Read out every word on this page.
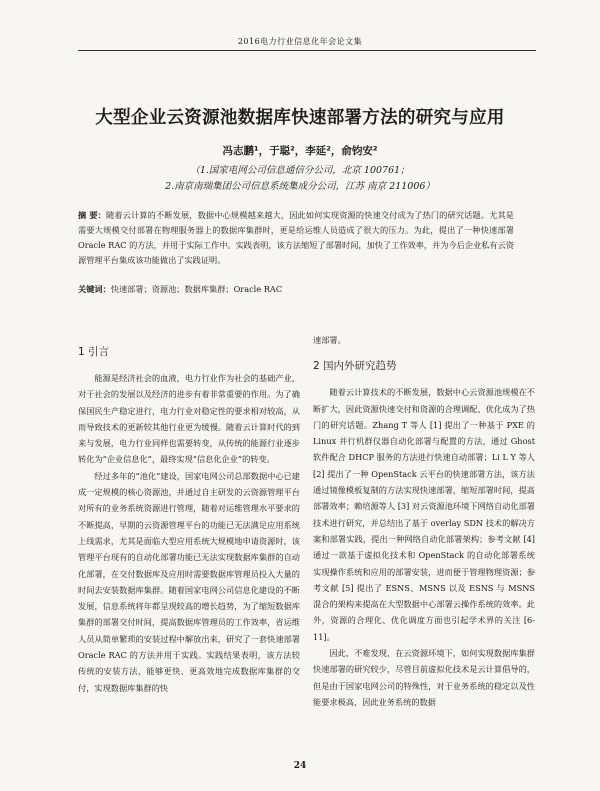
2016电力行业信息化年会论文集
大型企业云资源池数据库快速部署方法的研究与应用
冯志鹏¹，于聪²，李延²，俞钧安²
（1.国家电网公司信息通信分公司，北京 100761；
2.南京南瑞集团公司信息系统集成分公司，江苏 南京 211006）
摘 要：随着云计算的不断发展，数据中心规模越来越大，因此如何实现资源的快速交付成为了热门的研究话题。尤其是需要大规模交付部署在物理服务器上的数据库集群时，更是给运维人员造成了很大的压力。为此，提出了一种快速部署 Oracle RAC 的方法，并用于实际工作中。实践表明，该方法缩短了部署时间，加快了工作效率，并为今后企业私有云资源管理平台集成该功能做出了实践证明。
关键词：快速部署；资源池；数据库集群；Oracle RAC
1 引言

能源是经济社会的血液，电力行业作为社会的基础产业，对于社会的发展以及经济的进步有着非常重要的作用。为了确保国民生产稳定进行，电力行业对稳定性的要求相对较高，从而导致技术的更新较其他行业更为缓慢。随着云计算时代的到来与发展，电力行业同样也需要转变，从传统的能源行业逐步转化为“企业信息化”，最终实现“信息化企业”的转变。

经过多年的“池化”建设，国家电网公司总部数据中心已建成一定规模的核心资源池，并通过自主研发的云资源管理平台对所有的业务系统资源进行管理，随着对运维管理水平要求的不断提高，早期的云资源管理平台的功能已无法满足应用系统上线需求，尤其是面临大型应用系统大规模地申请资源时，该管理平台现有的自动化部署功能已无法实现数据库集群的自动化部署，在交付数据库及应用时需要数据库管理员投入大量的时间去安装数据库集群。随着国家电网公司信息化建设的不断发展，信息系统将年都呈现较高的增长趋势，为了缩短数据库集群的部署交付时间，提高数据库管理员的工作效率，省运维人员从简单繁琐的安装过程中解放出来，研究了一套快速部署 Oracle RAC 的方法并用于实践。实践结果表明，该方法较传统的安装方法，能够更快、更高效地完成数据库集群的交付，实现数据库集群的快

速部署。

2 国内外研究趋势

随着云计算技术的不断发展，数据中心云资源池规模在不断扩大，因此资源快速交付和资源的合理调配、优化成为了热门的研究话题。Zhang T 等人 [1] 提出了一种基于 PXE 的 Linux 并行机群仪器自动化部署与配置的方法，通过 Ghost 软件配合 DHCP 服务的方法进行快速自动部署；Li L Y 等人 [2] 提出了一种 OpenStack 云平台的快速部署方法，该方法通过镜像模板复制的方法实现快速部署，缩短部署时间，提高部署效率；赖培源等人 [3] 对云资源池环境下网络自动化部署技术进行研究，并总结出了基于 overlay SDN 技术的解决方案和部署实践，提出一种网络自动化部署架构；参考文献 [4] 通过一款基于虚拟化技术和 OpenStack 的自动化部署系统实现操作系统和应用的部署安装，进而便于管理物理资源；参考文献 [5] 提出了 ESNS、MSNS 以及 ESNS 与 MSNS 混合的架构来提高在大型数据中心部署云操作系统的效率。此外，资源的合理化、优化调度方面也引起学术界的关注 [6-11]。

因此，不难发现，在云资源环境下，如何实现数据库集群快速部署的研究较少，尽管目前虚拟化技术是云计算倡导的，但是由于国家电网公司的特殊性，对于业务系统的稳定以及性能要求极高，因此业务系统的数据

24
